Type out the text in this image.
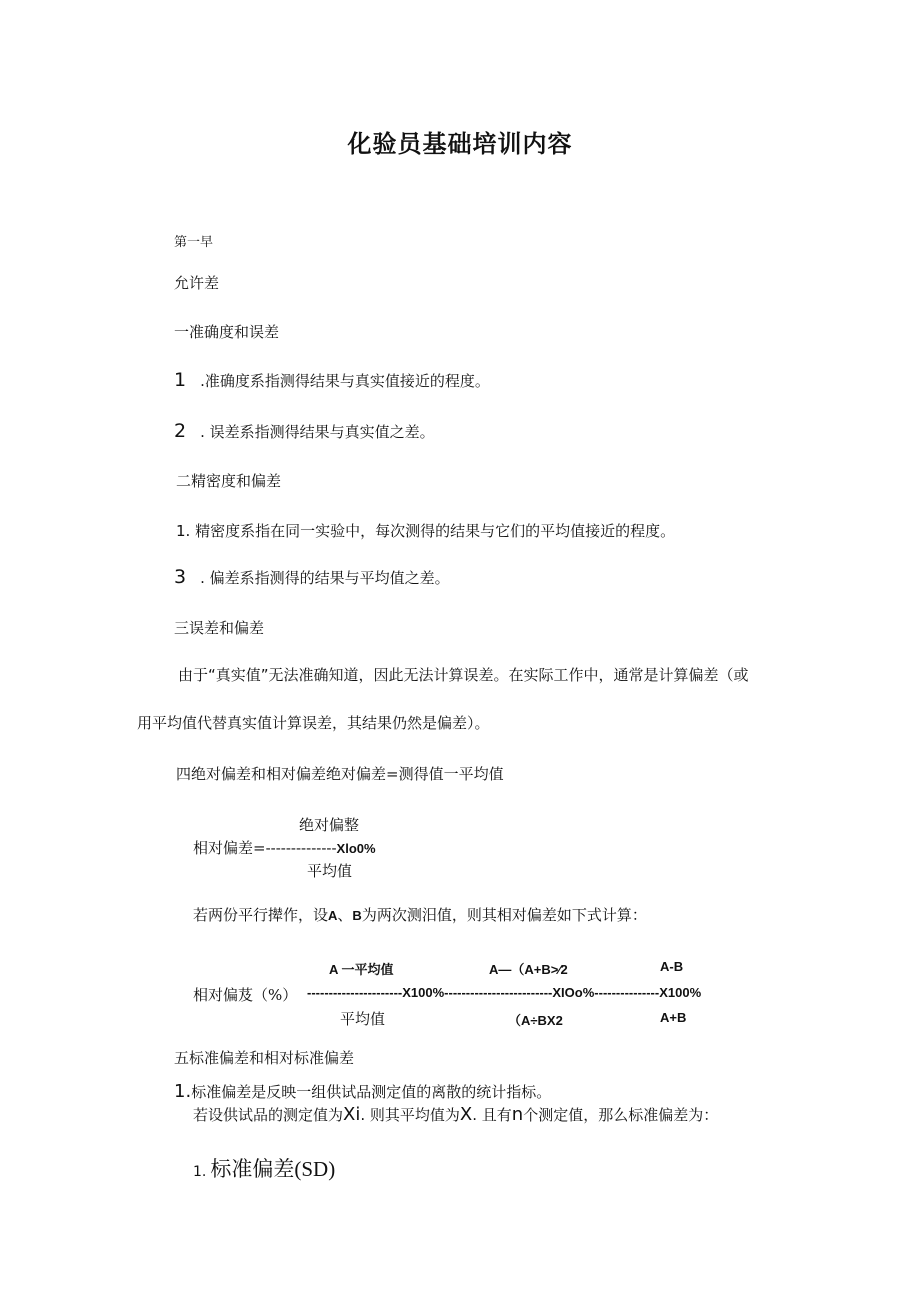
化验员基础培训内容
第一早
允许差
一准确度和误差
1 .准确度系指测得结果与真实值接近的程度。
2 . 误差系指测得结果与真实值之差。
二精密度和偏差
1. 精密度系指在同一实验中，每次测得的结果与它们的平均值接近的程度。
3 . 偏差系指测得的结果与平均值之差。
三误差和偏差
由于“真实值”无法准确知道，因此无法计算误差。在实际工作中，通常是计算偏差（或
用平均值代替真实值计算误差，其结果仍然是偏差）。
四绝对偏差和相对偏差绝对偏差=测得值一平均值
绝对偏整
相对偏差=--------------Xlo0%
平均值
若两份平行撵作，设A、B为两次测汨值，则其相对偏差如下式计算：
A 一平均值	A—（A+B>⁄2	A-B
相对偏芨（%） ----------------------X100%-------------------------XIOo%---------------X100%
平均值	（A÷BX2	A+B
五标准偏差和相对标准偏差
1.标准偏差是反映一组供试品测定值的离散的统计指标。
若设供试品的测定值为Xi. 则其平均值为X. 且有n个测定值，那么标准偏差为：
1. 标准偏差(SD)
